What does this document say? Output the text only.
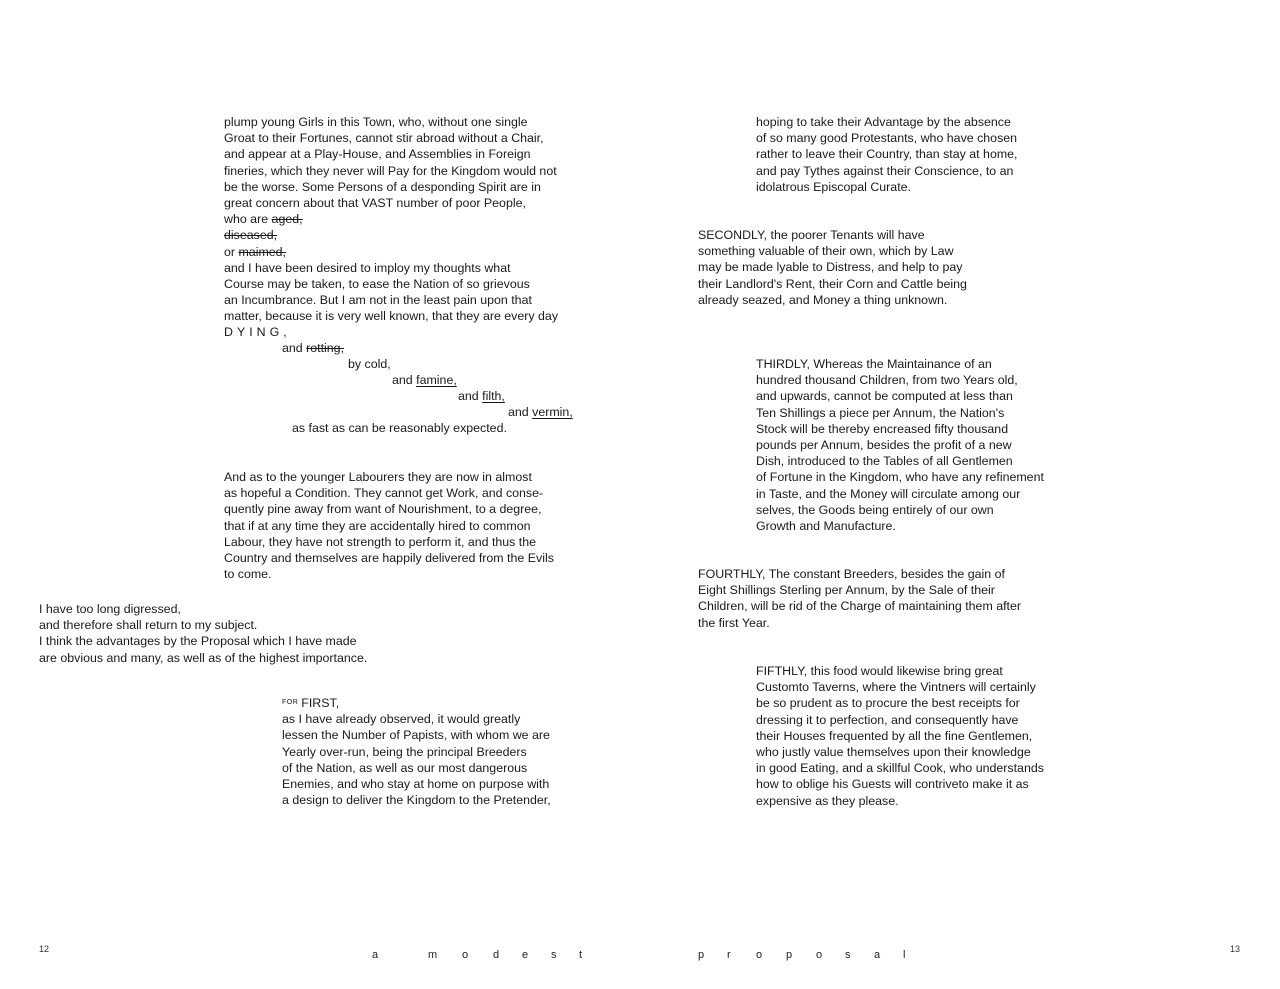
plump young Girls in this Town, who, without one single
Groat to their Fortunes, cannot stir abroad without a Chair,
and appear at a Play-House, and Assemblies in Foreign
fineries, which they never will Pay for the Kingdom would not
be the worse. Some Persons of a desponding Spirit are in
great concern about that VAST number of poor People,
who are aged,
diseased,
or maimed,
and I have been desired to imploy my thoughts what
Course may be taken, to ease the Nation of so grievous
an Incumbrance. But I am not in the least pain upon that
matter, because it is very well known, that they are every day
DYING,
and rotting,
by cold,
and famine,
and filth,
and vermin,
as fast as can be reasonably expected.
And as to the younger Labourers they are now in almost
as hopeful a Condition. They cannot get Work, and conse-
quently pine away from want of Nourishment, to a degree,
that if at any time they are accidentally hired to common
Labour, they have not strength to perform it, and thus the
Country and themselves are happily delivered from the Evils
to come.
I have too long digressed,
and therefore shall return to my subject.
I think the advantages by the Proposal which I have made
are obvious and many, as well as of the highest importance.
$^{FOR}$ FIRST,
as I have already observed, it would greatly
lessen the Number of Papists, with whom we are
Yearly over-run, being the principal Breeders
of the Nation, as well as our most dangerous
Enemies, and who stay at home on purpose with
a design to deliver the Kingdom to the Pretender,
12	a	m o d e s t
hoping to take their Advantage by the absence
of so many good Protestants, who have chosen
rather to leave their Country, than stay at home,
and pay Tythes against their Conscience, to an
idolatrous Episcopal Curate.
SECONDLY, the poorer Tenants will have
something valuable of their own, which by Law
may be made lyable to Distress, and help to pay
their Landlord's Rent, their Corn and Cattle being
already seazed, and Money a thing unknown.
THIRDLY, Whereas the Maintainance of an
hundred thousand Children, from two Years old,
and upwards, cannot be computed at less than
Ten Shillings a piece per Annum, the Nation's
Stock will be thereby encreased fifty thousand
pounds per Annum, besides the profit of a new
Dish, introduced to the Tables of all Gentlemen
of Fortune in the Kingdom, who have any refinement
in Taste, and the Money will circulate among our
selves, the Goods being entirely of our own
Growth and Manufacture.
FOURTHLY, The constant Breeders, besides the gain of
Eight Shillings Sterling per Annum, by the Sale of their
Children, will be rid of the Charge of maintaining them after
the first Year.
FIFTHLY, this food would likewise bring great
Customto Taverns, where the Vintners will certainly
be so prudent as to procure the best receipts for
dressing it to perfection, and consequently have
their Houses frequented by all the fine Gentlemen,
who justly value themselves upon their knowledge
in good Eating, and a skillful Cook, who understands
how to oblige his Guests will contriveto make it as
expensive as they please.
p r o p o s a l	13
